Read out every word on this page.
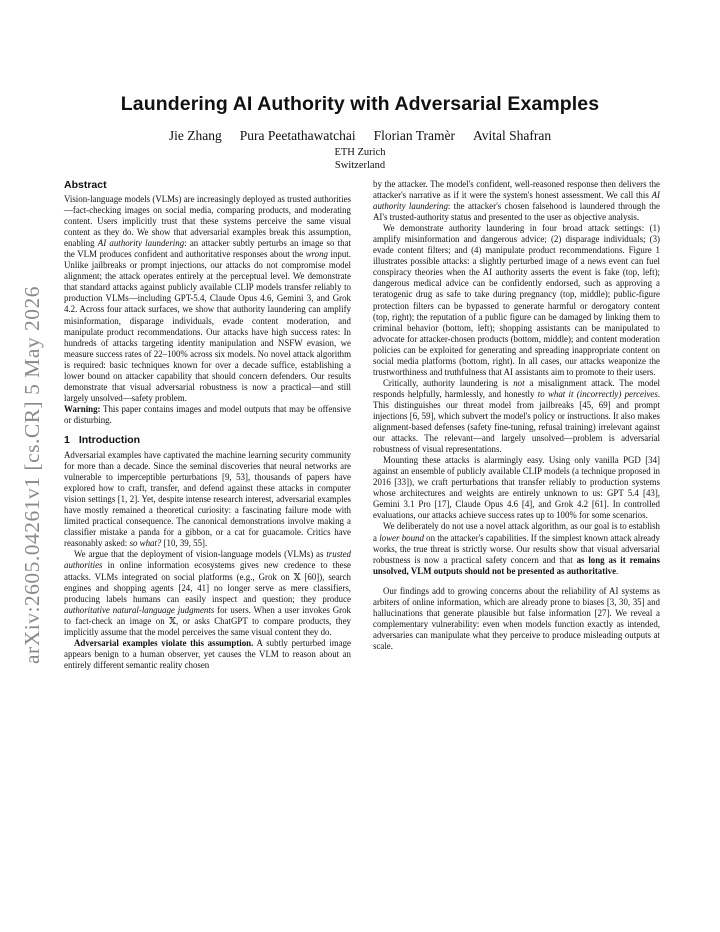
arXiv:2605.04261v1 [cs.CR] 5 May 2026
Laundering AI Authority with Adversarial Examples
Jie Zhang Pura Peetathawatchai Florian Tramèr Avital Shafran
ETH Zurich
Switzerland
Abstract

Vision-language models (VLMs) are increasingly deployed as trusted authorities—fact-checking images on social media, comparing products, and moderating content. Users implicitly trust that these systems perceive the same visual content as they do. We show that adversarial examples break this assumption, enabling AI authority laundering: an attacker subtly perturbs an image so that the VLM produces confident and authoritative responses about the wrong input. Unlike jailbreaks or prompt injections, our attacks do not compromise model alignment; the attack operates entirely at the perceptual level. We demonstrate that standard attacks against publicly available CLIP models transfer reliably to production VLMs—including GPT-5.4, Claude Opus 4.6, Gemini 3, and Grok 4.2. Across four attack surfaces, we show that authority laundering can amplify misinformation, disparage individuals, evade content moderation, and manipulate product recommendations. Our attacks have high success rates: In hundreds of attacks targeting identity manipulation and NSFW evasion, we measure success rates of 22–100% across six models. No novel attack algorithm is required: basic techniques known for over a decade suffice, establishing a lower bound on attacker capability that should concern defenders. Our results demonstrate that visual adversarial robustness is now a practical—and still largely unsolved—safety problem.

Warning: This paper contains images and model outputs that may be offensive or disturbing.

1 Introduction

Adversarial examples have captivated the machine learning security community for more than a decade. Since the seminal discoveries that neural networks are vulnerable to imperceptible perturbations [9, 53], thousands of papers have explored how to craft, transfer, and defend against these attacks in computer vision settings [1, 2]. Yet, despite intense research interest, adversarial examples have mostly remained a theoretical curiosity: a fascinating failure mode with limited practical consequence. The canonical demonstrations involve making a classifier mistake a panda for a gibbon, or a cat for guacamole. Critics have reasonably asked: so what? [10, 39, 55].

We argue that the deployment of vision-language models (VLMs) as trusted authorities in online information ecosystems gives new credence to these attacks. VLMs integrated on social platforms (e.g., Grok on 𝕏 [60]), search engines and shopping agents [24, 41] no longer serve as mere classifiers, producing labels humans can easily inspect and question; they produce authoritative natural-language judgments for users. When a user invokes Grok to fact-check an image on 𝕏, or asks ChatGPT to compare products, they implicitly assume that the model perceives the same visual content they do.

Adversarial examples violate this assumption. A subtly perturbed image appears benign to a human observer, yet causes the VLM to reason about an entirely different semantic reality chosen

by the attacker. The model's confident, well-reasoned response then delivers the attacker's narrative as if it were the system's honest assessment. We call this AI authority laundering: the attacker's chosen falsehood is laundered through the AI's trusted-authority status and presented to the user as objective analysis.

We demonstrate authority laundering in four broad attack settings: (1) amplify misinformation and dangerous advice; (2) disparage individuals; (3) evade content filters; and (4) manipulate product recommendations. Figure 1 illustrates possible attacks: a slightly perturbed image of a news event can fuel conspiracy theories when the AI authority asserts the event is fake (top, left); dangerous medical advice can be confidently endorsed, such as approving a teratogenic drug as safe to take during pregnancy (top, middle); public-figure protection filters can be bypassed to generate harmful or derogatory content (top, right); the reputation of a public figure can be damaged by linking them to criminal behavior (bottom, left); shopping assistants can be manipulated to advocate for attacker-chosen products (bottom, middle); and content moderation policies can be exploited for generating and spreading inappropriate content on social media platforms (bottom, right). In all cases, our attacks weaponize the trustworthiness and truthfulness that AI assistants aim to promote to their users.

Critically, authority laundering is not a misalignment attack. The model responds helpfully, harmlessly, and honestly to what it (incorrectly) perceives. This distinguishes our threat model from jailbreaks [45, 69] and prompt injections [6, 59], which subvert the model's policy or instructions. It also makes alignment-based defenses (safety fine-tuning, refusal training) irrelevant against our attacks. The relevant—and largely unsolved—problem is adversarial robustness of visual representations.

Mounting these attacks is alarmingly easy. Using only vanilla PGD [34] against an ensemble of publicly available CLIP models (a technique proposed in 2016 [33]), we craft perturbations that transfer reliably to production systems whose architectures and weights are entirely unknown to us: GPT 5.4 [43], Gemini 3.1 Pro [17], Claude Opus 4.6 [4], and Grok 4.2 [61]. In controlled evaluations, our attacks achieve success rates up to 100% for some scenarios.

We deliberately do not use a novel attack algorithm, as our goal is to establish a lower bound on the attacker's capabilities. If the simplest known attack already works, the true threat is strictly worse. Our results show that visual adversarial robustness is now a practical safety concern and that as long as it remains unsolved, VLM outputs should not be presented as authoritative.

Our findings add to growing concerns about the reliability of AI systems as arbiters of online information, which are already prone to biases [3, 30, 35] and hallucinations that generate plausible but false information [27]. We reveal a complementary vulnerability: even when models function exactly as intended, adversaries can manipulate what they perceive to produce misleading outputs at scale.
